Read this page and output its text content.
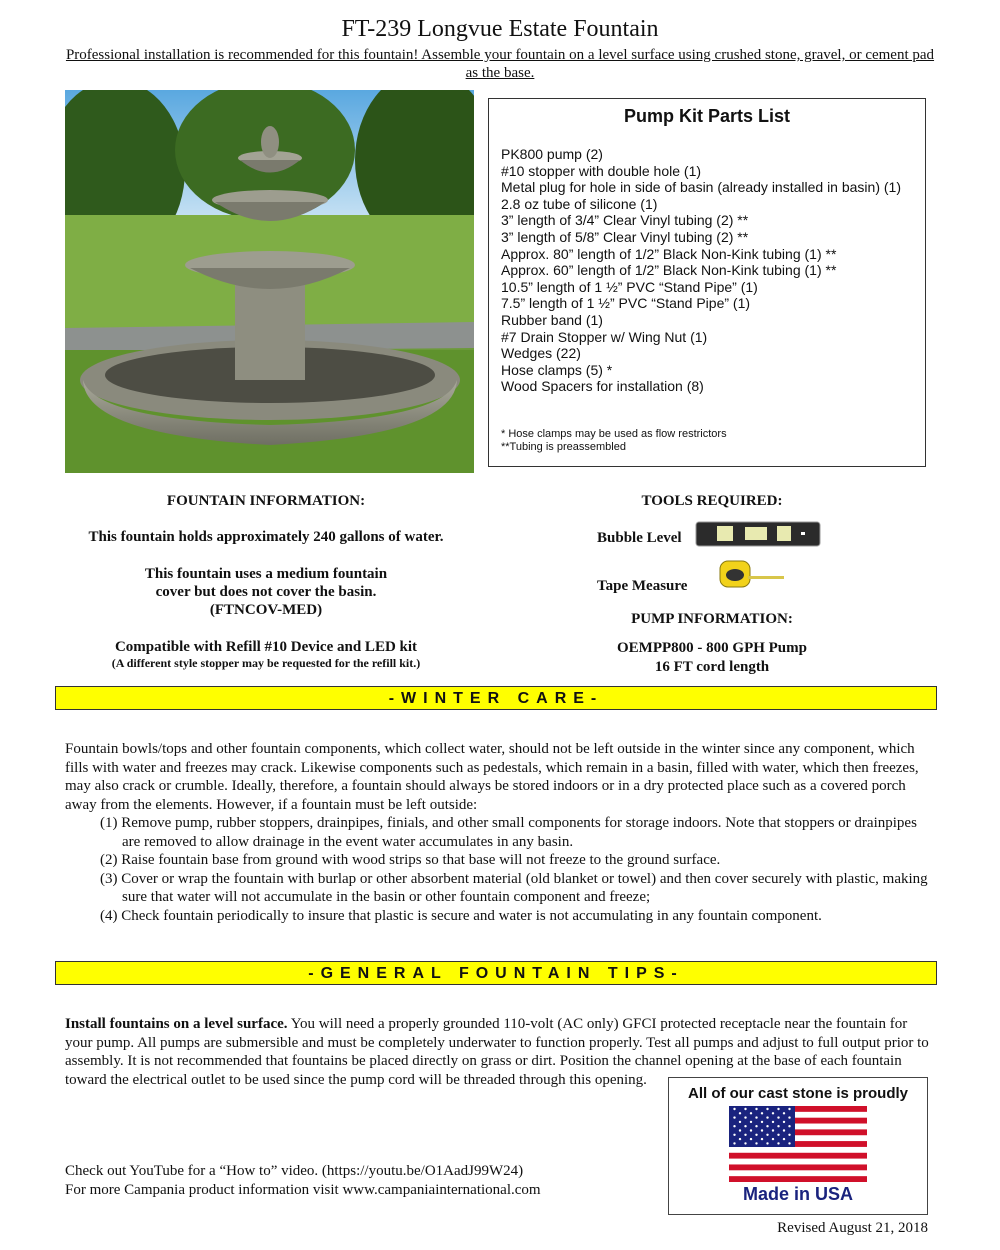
FT-239 Longvue Estate Fountain
Professional installation is recommended for this fountain! Assemble your fountain on a level surface using crushed stone, gravel, or cement pad as the base.
Pump Kit Parts List
PK800 pump (2)
#10 stopper with double hole (1)
Metal plug for hole in side of basin (already installed in basin) (1)
2.8 oz tube of silicone (1)
3” length of 3/4” Clear Vinyl tubing (2) **
3” length of 5/8” Clear Vinyl tubing (2) **
Approx. 80” length of 1/2” Black Non-Kink tubing (1) **
Approx. 60” length of 1/2” Black Non-Kink tubing (1) **
10.5” length of 1 ½” PVC “Stand Pipe” (1)
7.5” length of 1 ½” PVC “Stand Pipe” (1)
Rubber band (1)
#7 Drain Stopper w/ Wing Nut (1)
Wedges (22)
Hose clamps (5) *
Wood Spacers for installation (8)
* Hose clamps may be used as flow restrictors
**Tubing is preassembled
FOUNTAIN INFORMATION:
This fountain holds approximately 240 gallons of water.
This fountain uses a medium fountain cover but does not cover the basin.
(FTNCOV-MED)
Compatible with Refill #10 Device and LED kit
(A different style stopper may be requested for the refill kit.)
TOOLS REQUIRED:
Bubble Level
Tape Measure
PUMP INFORMATION:
OEMPP800 - 800 GPH Pump
16 FT cord length
-WINTER CARE-
Fountain bowls/tops and other fountain components, which collect water, should not be left outside in the winter since any component, which fills with water and freezes may crack. Likewise components such as pedestals, which remain in a basin, filled with water, which then freezes, may also crack or crumble. Ideally, therefore, a fountain should always be stored indoors or in a dry protected place such as a covered porch away from the elements. However, if a fountain must be left outside:
(1) Remove pump, rubber stoppers, drainpipes, finials, and other small components for storage indoors. Note that stoppers or drainpipes are removed to allow drainage in the event water accumulates in any basin.
(2) Raise fountain base from ground with wood strips so that base will not freeze to the ground surface.
(3) Cover or wrap the fountain with burlap or other absorbent material (old blanket or towel) and then cover securely with plastic, making sure that water will not accumulate in the basin or other fountain component and freeze;
(4) Check fountain periodically to insure that plastic is secure and water is not accumulating in any fountain component.
-GENERAL FOUNTAIN TIPS-
Install fountains on a level surface. You will need a properly grounded 110-volt (AC only) GFCI protected receptacle near the fountain for your pump. All pumps are submersible and must be completely underwater to function properly. Test all pumps and adjust to full output prior to assembly. It is not recommended that fountains be placed directly on grass or dirt. Position the channel opening at the base of each fountain toward the electrical outlet to be used since the pump cord will be threaded through this opening.
Check out YouTube for a “How to” video. (https://youtu.be/O1AadJ99W24)
For more Campania product information visit www.campaniainternational.com
All of our cast stone is proudly
Made in USA
Revised August 21, 2018
